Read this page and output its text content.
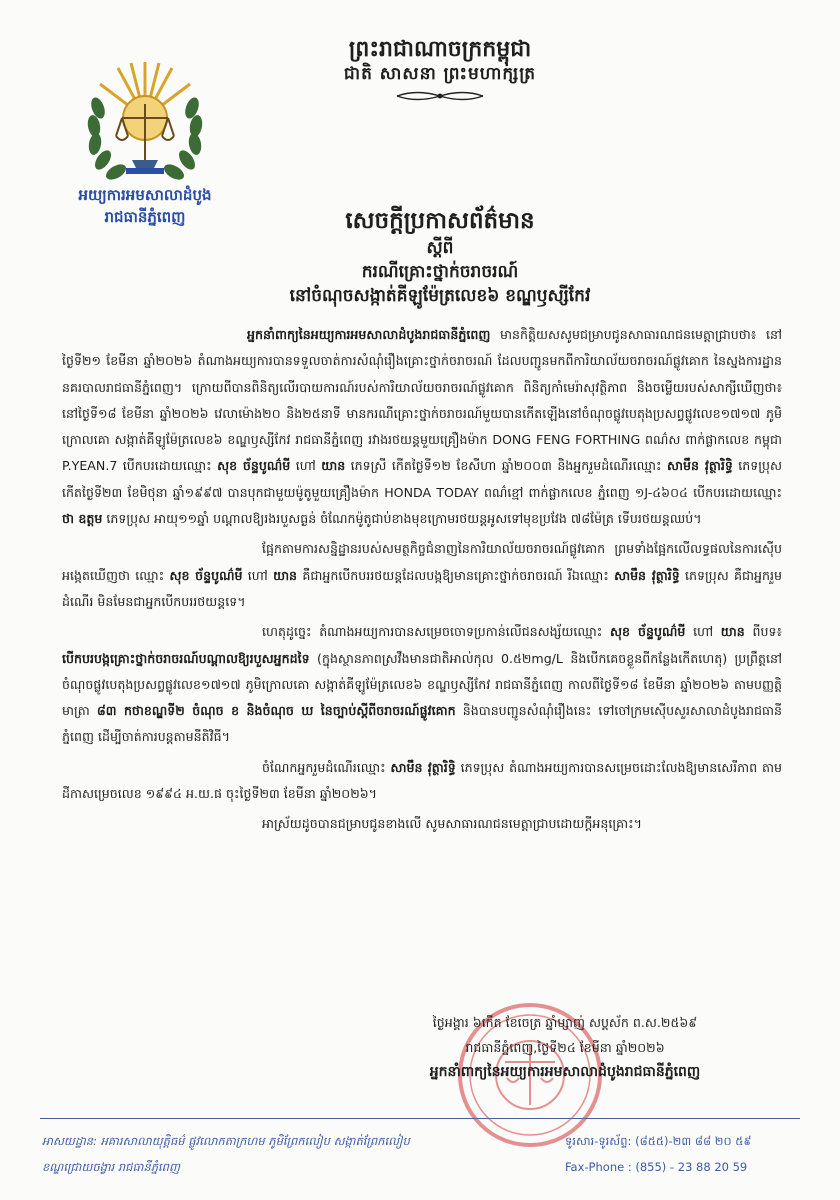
អយ្យការអមសាលាដំបូង
រាជធានីភ្នំពេញ
ព្រះរាជាណាចក្រកម្ពុជា
ជាតិ សាសនា ព្រះមហាក្សត្រ
សេចក្ដីប្រកាសព័ត៌មាន
ស្ដីពី
ករណីគ្រោះថ្នាក់ចរាចរណ៍
នៅចំណុចសង្កាត់គីឡូម៉ែត្រលេខ៦ ខណ្ឌឫស្សីកែវ

អ្នកនាំពាក្យនៃអយ្យការអមសាលាដំបូងរាជធានីភ្នំពេញ មានកិត្តិយសសូមជម្រាបជូនសាធារណជនមេត្តាជ្រាបថា៖ នៅថ្ងៃទី២១ ខែមីនា ឆ្នាំ២០២៦ តំណាងអយ្យការបានទទួលចាត់ការសំណុំរឿងគ្រោះថ្នាក់ចរាចរណ៍ ដែលបញ្ជូនមកពីការិយាល័យចរាចរណ៍ផ្លូវគោក នៃស្នងការដ្ឋាននគរបាលរាជធានីភ្នំពេញ។ ក្រោយពីបានពិនិត្យលើរបាយការណ៍របស់ការិយាល័យចរាចរណ៍ផ្លូវគោក ពិនិត្យកាំមេរ៉ាសុវត្ថិភាព និងចម្លើយរបស់សាក្សីឃើញថា៖ នៅថ្ងៃទី១៨ ខែមីនា ឆ្នាំ២០២៦ វេលាម៉ោង២០ និង២៥នាទី មានករណីគ្រោះថ្នាក់ចរាចរណ៍មួយបានកើតឡើងនៅចំណុចផ្លូវបេតុងប្រសព្វផ្លូវលេខ១៧១៧ ភូមិក្រោលគោ សង្កាត់គីឡូម៉ែត្រលេខ៦ ខណ្ឌឫស្សីកែវ រាជធានីភ្នំពេញ រវាងរថយន្តមួយគ្រឿងម៉ាក DONG FENG FORTHING ពណ៌ស ពាក់ផ្លាកលេខ កម្ពុជា P.YEAN.7 បើកបរដោយឈ្មោះ សុខ ច័ន្ទបូណ៌មី ហៅ យាន ភេទស្រី កើតថ្ងៃទី១២ ខែសីហា ឆ្នាំ២០០៣ និងអ្នករួមដំណើរឈ្មោះ សាមឹន វុត្ថារិទ្ធិ ភេទប្រុស កើតថ្ងៃទី២៣ ខែមិថុនា ឆ្នាំ១៩៩៧ បានបុកជាមួយម៉ូតូមួយគ្រឿងម៉ាក HONDA TODAY ពណ៌ខ្មៅ ពាក់ផ្លាកលេខ ភ្នំពេញ ១J-៤៦០៤ បើកបរដោយឈ្មោះ ថា ឧត្ដម ភេទប្រុស អាយុ១១ឆ្នាំ បណ្ដាលឱ្យរងរបួសធ្ងន់ ចំណែកម៉ូតូជាប់ខាងមុខក្រោមរថយន្តអូសទៅមុខប្រវែង ៧៨ម៉ែត្រ ទើបរថយន្តឈប់។

ផ្អែកតាមការសន្និដ្ឋានរបស់សមត្ថកិច្ចជំនាញនៃការិយាល័យចរាចរណ៍ផ្លូវគោក ព្រមទាំងផ្អែកលើលទ្ធផលនៃការស៊ើបអង្កេតឃើញថា ឈ្មោះ សុខ ច័ន្ទបូណ៌មី ហៅ យាន គឺជាអ្នកបើកបររថយន្តដែលបង្កឱ្យមានគ្រោះថ្នាក់ចរាចរណ៍ រីឯឈ្មោះ សាមឹន វុត្ថារិទ្ធិ ភេទប្រុស គឺជាអ្នករួមដំណើរ មិនមែនជាអ្នកបើកបររថយន្តទេ។

ហេតុដូច្នេះ តំណាងអយ្យការបានសម្រេចចោទប្រកាន់លើជនសង្ស័យឈ្មោះ សុខ ច័ន្ទបូណ៌មី ហៅ យាន ពីបទ៖បើកបរបង្កគ្រោះថ្នាក់ចរាចរណ៍បណ្ដាលឱ្យរបួសអ្នកដទៃ (ក្នុងស្ថានភាពស្រវឹងមានជាតិអាល់កុល 0.៥២mg/L និងបើកគេចខ្លួនពីកន្លែងកើតហេតុ) ប្រព្រឹត្តនៅចំណុចផ្លូវបេតុងប្រសព្វផ្លូវលេខ១៧១៧ ភូមិក្រោលគោ សង្កាត់គីឡូម៉ែត្រលេខ៦ ខណ្ឌឫស្សីកែវ រាជធានីភ្នំពេញ កាលពីថ្ងៃទី១៨ ខែមីនា ឆ្នាំ២០២៦ តាមបញ្ញត្តិមាត្រា ៨៣ កថាខណ្ឌទី២ ចំណុច ខ និងចំណុច ឃ នៃច្បាប់ស្ដីពីចរាចរណ៍ផ្លូវគោក និងបានបញ្ជូនសំណុំរឿងនេះ ទៅចៅក្រមស៊ើបសួរសាលាដំបូងរាជធានីភ្នំពេញ ដើម្បីចាត់ការបន្តតាមនីតិវិធី។

ចំណែកអ្នករួមដំណើរឈ្មោះ សាមឹន វុត្ថារិទ្ធិ ភេទប្រុស តំណាងអយ្យការបានសម្រេចដោះលែងឱ្យមានសេរីភាព តាមដីកាសម្រេចលេខ ១៩៩៤ អ.យ.ផ ចុះថ្ងៃទី២៣ ខែមីនា ឆ្នាំ២០២៦។

អាស្រ័យដូចបានជម្រាបជូនខាងលើ សូមសាធារណជនមេត្តាជ្រាបដោយក្ដីអនុគ្រោះ។

ថ្ងៃអង្គារ ៦កើត ខែចេត្រ ឆ្នាំម្សាញ់ សប្ដស័ក ព.ស.២៥៦៩
រាជធានីភ្នំពេញ,ថ្ងៃទី២៤ ខែមីនា ឆ្នាំ២០២៦
អ្នកនាំពាក្យនៃអយ្យការអមសាលាដំបូងរាជធានីភ្នំពេញ
អាសយដ្ឋាន: អគារសាលាយុត្តិធម៌ ផ្លូវលោកតាក្រហម ភូមិព្រែកលៀប សង្កាត់ព្រែកលៀប
ខណ្ឌជ្រោយចង្វារ រាជធានីភ្នំពេញ
ទូរសារ-ទូរស័ព្ទ: (៨៥៥)-២៣ ៨៨ ២០ ៥៩
Fax-Phone : (855) - 23 88 20 59
